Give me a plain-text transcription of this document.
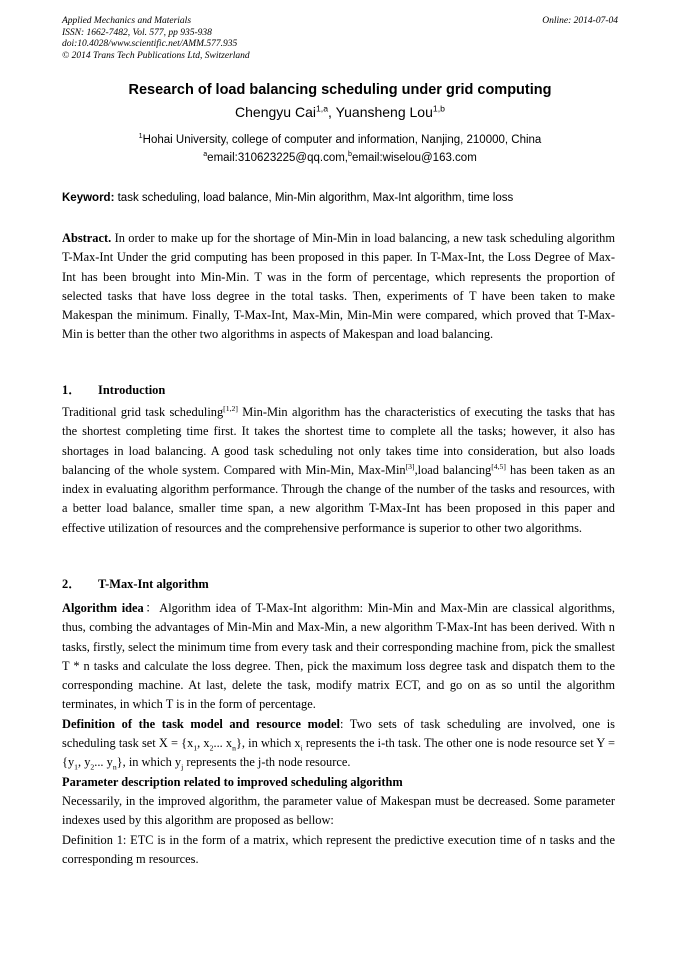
Applied Mechanics and Materials
ISSN: 1662-7482, Vol. 577, pp 935-938
doi:10.4028/www.scientific.net/AMM.577.935
© 2014 Trans Tech Publications Ltd, Switzerland
Online: 2014-07-04
Research of load balancing scheduling under grid computing
Chengyu Cai$^{1,a}$, Yuansheng Lou$^{1,b}$
$^1$Hohai University, college of computer and information, Nanjing, 210000, China
$^a$email:310623225@qq.com,$^b$email:wiselou@163.com
Keyword: task scheduling, load balance, Min-Min algorithm, Max-Int algorithm, time loss
Abstract. In order to make up for the shortage of Min-Min in load balancing, a new task scheduling algorithm T-Max-Int Under the grid computing has been proposed in this paper. In T-Max-Int, the Loss Degree of Max-Int has been brought into Min-Min. T was in the form of percentage, which represents the proportion of selected tasks that have loss degree in the total tasks. Then, experiments of T have been taken to make Makespan the minimum. Finally, T-Max-Int, Max-Min, Min-Min were compared, which proved that T-Max-Min is better than the other two algorithms in aspects of Makespan and load balancing.
1． Introduction
Traditional grid task scheduling[1,2] Min-Min algorithm has the characteristics of executing the tasks that has the shortest completing time first. It takes the shortest time to complete all the tasks; however, it also has shortages in load balancing. A good task scheduling not only takes time into consideration, but also loads balancing of the whole system. Compared with Min-Min, Max-Min[3],load balancing[4,5] has been taken as an index in evaluating algorithm performance. Through the change of the number of the tasks and resources, with a better load balance, smaller time span, a new algorithm T-Max-Int has been proposed in this paper and effective utilization of resources and the comprehensive performance is superior to other two algorithms.
2． T-Max-Int algorithm
Algorithm idea：Algorithm idea of T-Max-Int algorithm: Min-Min and Max-Min are classical algorithms, thus, combing the advantages of Min-Min and Max-Min, a new algorithm T-Max-Int has been derived. With n tasks, firstly, select the minimum time from every task and their corresponding machine from, pick the smallest T * n tasks and calculate the loss degree. Then, pick the maximum loss degree task and dispatch them to the corresponding machine. At last, delete the task, modify matrix ECT, and go on as so until the algorithm terminates, in which T is in the form of percentage.
Definition of the task model and resource model: Two sets of task scheduling are involved, one is scheduling task set $X = \{x_1$, $x_2$... $x_n$}, in which $x_i$ represents the i-th task. The other one is node resource set $Y = \{y_1$, $y_2$... $y_n$}, in which $y_j$ represents the j-th node resource.
Parameter description related to improved scheduling algorithm
Necessarily, in the improved algorithm, the parameter value of Makespan must be decreased. Some parameter indexes used by this algorithm are proposed as bellow:
Definition 1: ETC is in the form of a matrix, which represent the predictive execution time of n tasks and the corresponding m resources.
